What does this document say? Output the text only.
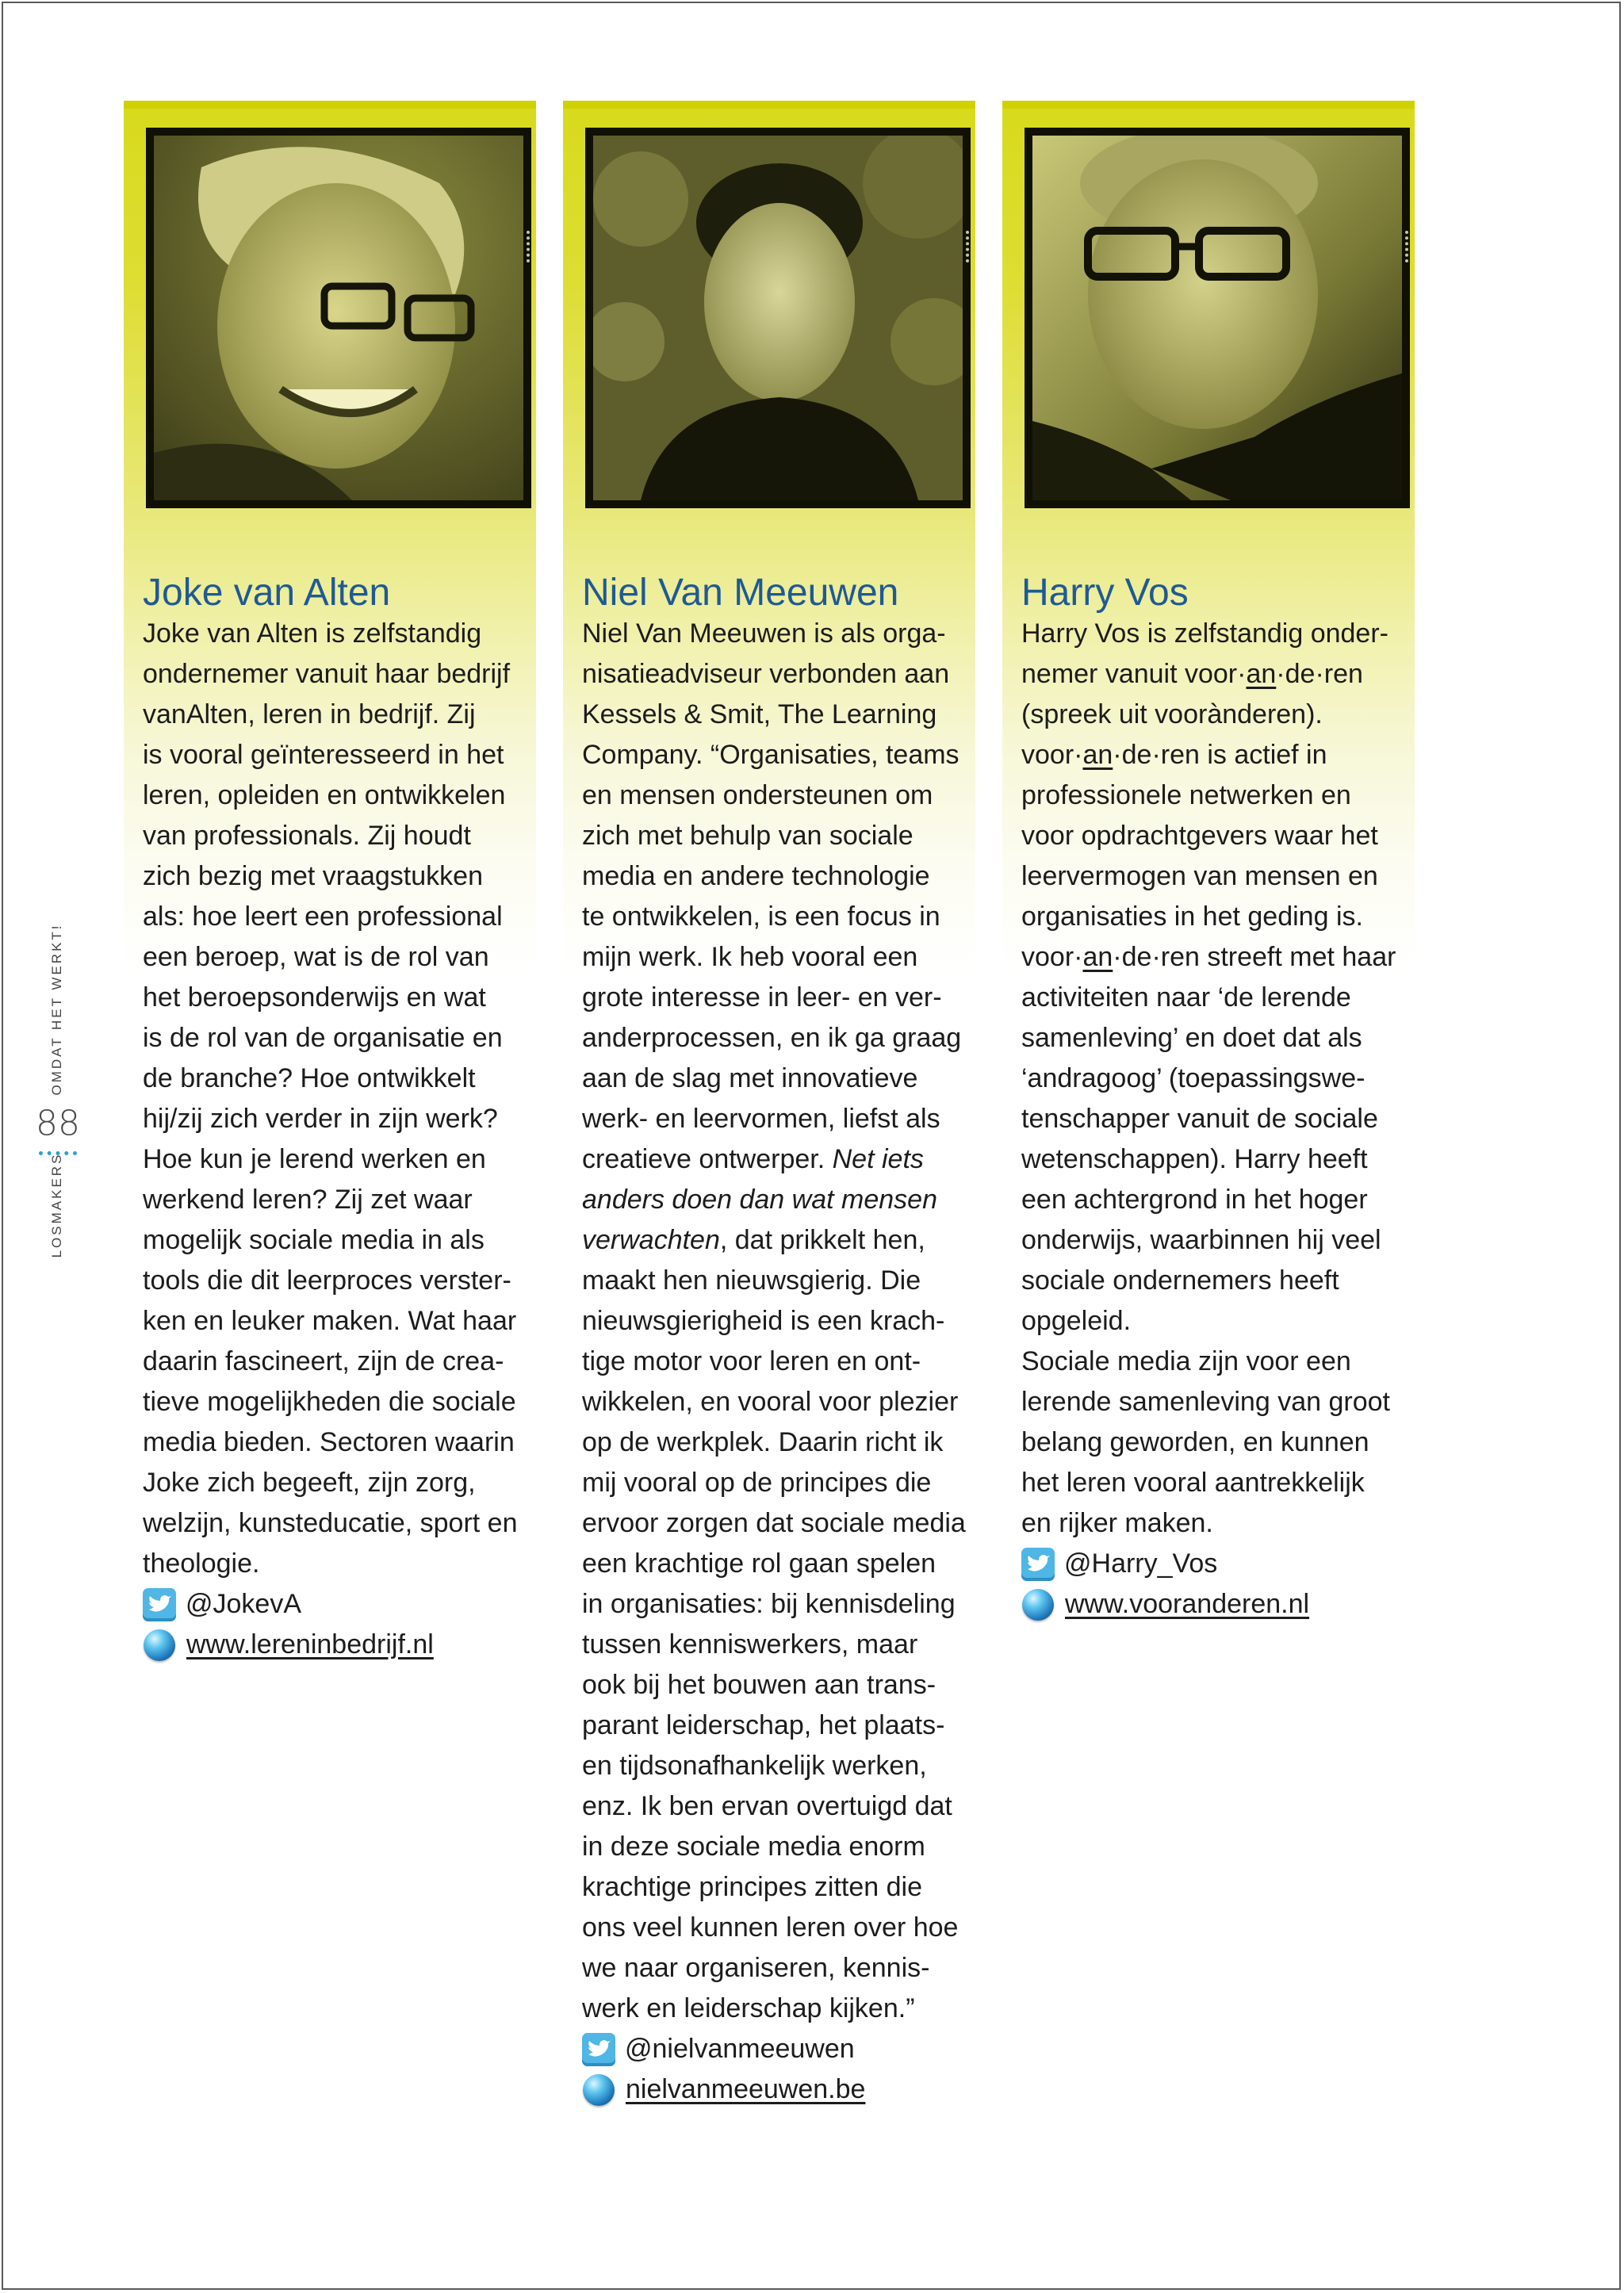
LOSMAKERS
OMDAT HET WERKT!
88
Joke van Alten

Joke van Alten is zelfstandig
ondernemer vanuit haar bedrijf
vanAlten, leren in bedrijf. Zij
is vooral geïnteresseerd in het
leren, opleiden en ontwikkelen
van professionals. Zij houdt
zich bezig met vraagstukken
als: hoe leert een professional
een beroep, wat is de rol van
het beroepsonderwijs en wat
is de rol van de organisatie en
de branche? Hoe ontwikkelt
hij/zij zich verder in zijn werk?
Hoe kun je lerend werken en
werkend leren? Zij zet waar
mogelijk sociale media in als
tools die dit leerproces verster-
ken en leuker maken. Wat haar
daarin fascineert, zijn de crea-
tieve mogelijkheden die sociale
media bieden. Sectoren waarin
Joke zich begeeft, zijn zorg,
welzijn, kunsteducatie, sport en
theologie.

@JokevA
www.lereninbedrijf.nl
Niel Van Meeuwen

Niel Van Meeuwen is als orga-
nisatieadviseur verbonden aan
Kessels & Smit, The Learning
Company. “Organisaties, teams
en mensen ondersteunen om
zich met behulp van sociale
media en andere technologie
te ontwikkelen, is een focus in
mijn werk. Ik heb vooral een
grote interesse in leer- en ver-
anderprocessen, en ik ga graag
aan de slag met innovatieve
werk- en leervormen, liefst als
creatieve ontwerper. Net iets
anders doen dan wat mensen
verwachten, dat prikkelt hen,
maakt hen nieuwsgierig. Die
nieuwsgierigheid is een krach-
tige motor voor leren en ont-
wikkelen, en vooral voor plezier
op de werkplek. Daarin richt ik
mij vooral op de principes die
ervoor zorgen dat sociale media
een krachtige rol gaan spelen
in organisaties: bij kennisdeling
tussen kenniswerkers, maar
ook bij het bouwen aan trans-
parant leiderschap, het plaats-
en tijdsonafhankelijk werken,
enz. Ik ben ervan overtuigd dat
in deze sociale media enorm
krachtige principes zitten die
ons veel kunnen leren over hoe
we naar organiseren, kennis-
werk en leiderschap kijken.”

@nielvanmeeuwen
nielvanmeeuwen.be
Harry Vos

Harry Vos is zelfstandig onder-
nemer vanuit voor·an·de·ren
(spreek uit vooràndere​n).
voor·an·de·ren is actief in
professionele netwerken en
voor opdrachtgevers waar het
leervermogen van mensen en
organisaties in het geding is.
voor·an·de·ren streeft met haar
activiteiten naar ‘de lerende
samenleving’ en doet dat als
‘andragoog’ (toepassingswe-
tenschapper vanuit de sociale
wetenschappen). Harry heeft
een achtergrond in het hoger
onderwijs, waarbinnen hij veel
sociale ondernemers heeft
opgeleid.
Sociale media zijn voor een
lerende samenleving van groot
belang geworden, en kunnen
het leren vooral aantrekkelijk
en rijker maken.

@Harry_Vos
www.vooranderen.nl
